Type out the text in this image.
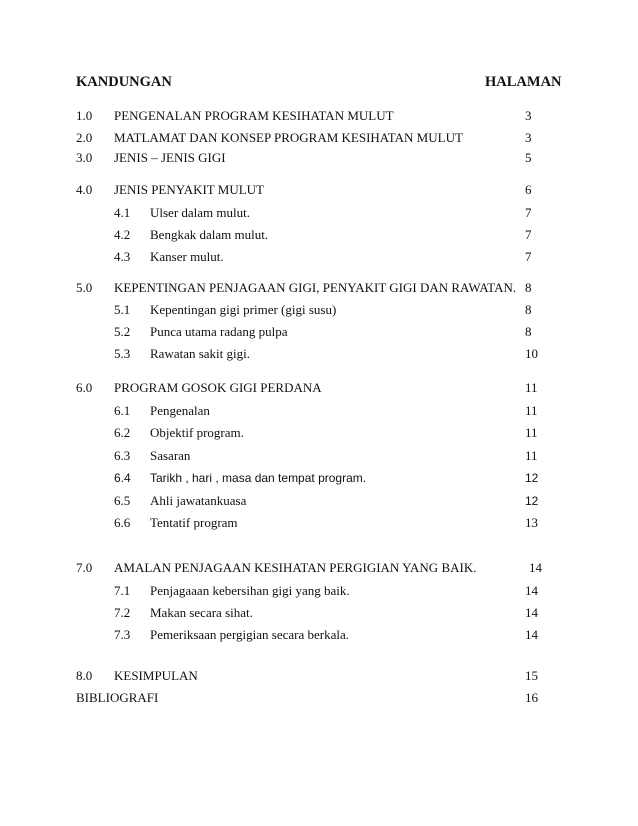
KANDUNGAN	HALAMAN
1.0 PENGENALAN PROGRAM KESIHATAN MULUT	3
2.0 MATLAMAT DAN KONSEP PROGRAM KESIHATAN MULUT	3
3.0 JENIS – JENIS GIGI	5
4.0 JENIS PENYAKIT MULUT	6
4.1 Ulser dalam mulut.	7
4.2 Bengkak dalam mulut.	7
4.3 Kanser mulut.	7
5.0 KEPENTINGAN PENJAGAAN GIGI, PENYAKIT GIGI DAN RAWATAN. 8
5.1 Kepentingan gigi primer (gigi susu)	8
5.2 Punca utama radang pulpa	8
5.3 Rawatan sakit gigi.	10
6.0 PROGRAM GOSOK GIGI PERDANA	11
6.1 Pengenalan	11
6.2 Objektif program.	11
6.3 Sasaran	11
6.4 Tarikh , hari , masa dan tempat program.	12
6.5 Ahli jawatankuasa	12
6.6 Tentatif program	13
7.0 AMALAN PENJAGAAN KESIHATAN PERGIGIAN YANG BAIK.	14
7.1 Penjagaaan kebersihan gigi yang baik.	14
7.2 Makan secara sihat.	14
7.3 Pemeriksaan pergigian secara berkala.	14
8.0 KESIMPULAN	15
BIBLIOGRAFI	16
